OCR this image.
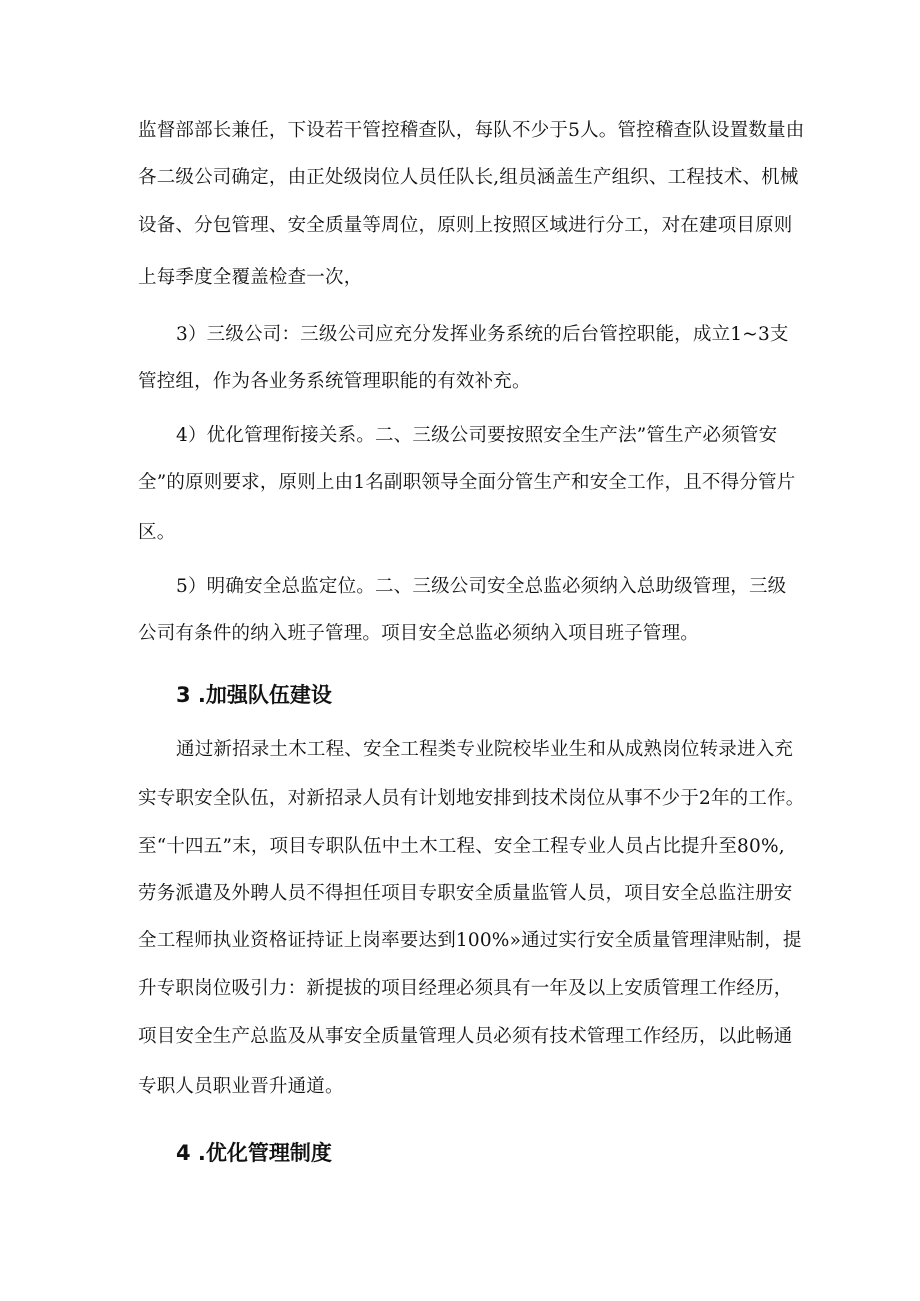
监督部部长兼任，下设若干管控稽查队，每队不少于5人。管控稽查队设置数量由
各二级公司确定，由正处级岗位人员任队长,组员涵盖生产组织、工程技术、机械
设备、分包管理、安全质量等周位，原则上按照区域进行分工，对在建项目原则
上每季度全覆盖检查一次，
3）三级公司：三级公司应充分发挥业务系统的后台管控职能，成立1~3支
管控组，作为各业务系统管理职能的有效补充。
4）优化管理衔接关系。二、三级公司要按照安全生产法”管生产必须管安
全”的原则要求，原则上由1名副职领导全面分管生产和安全工作，且不得分管片
区。
5）明确安全总监定位。二、三级公司安全总监必须纳入总助级管理，三级
公司有条件的纳入班子管理。项目安全总监必须纳入项目班子管理。
3 .加强队伍建设
通过新招录土木工程、安全工程类专业院校毕业生和从成熟岗位转录进入充
实专职安全队伍，对新招录人员有计划地安排到技术岗位从事不少于2年的工作。
至“十四五”末，项目专职队伍中土木工程、安全工程专业人员占比提升至80%,
劳务派遣及外聘人员不得担任项目专职安全质量监管人员，项目安全总监注册安
全工程师执业资格证持证上岗率要达到100%»通过实行安全质量管理津贴制，提
升专职岗位吸引力：新提拔的项目经理必须具有一年及以上安质管理工作经历，
项目安全生产总监及从事安全质量管理人员必须有技术管理工作经历，以此畅通
专职人员职业晋升通道。
4 .优化管理制度
